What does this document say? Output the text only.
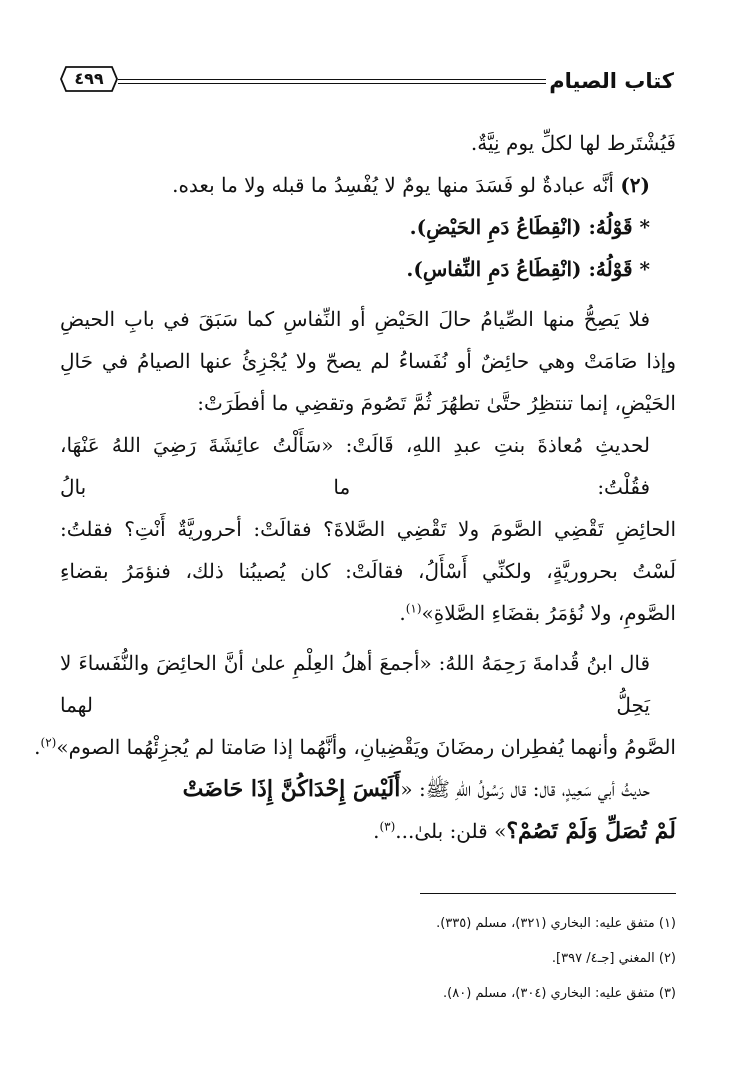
كتاب الصيام
٤٩٩
فَيُشْتَرط لها لكلِّ يوم نِيَّةٌ.
(٢) أنَّه عبادةٌ لو فَسَدَ منها يومٌ لا يُفْسِدُ ما قبله ولا ما بعده.
* قَوْلُهُ: (انْقِطَاعُ دَمِ الحَيْضِ).
* قَوْلُهُ: (انْقِطَاعُ دَمِ النِّفاسِ).
فلا يَصِحُّ منها الصِّيامُ حالَ الحَيْضِ أو النِّفاسِ كما سَبَقَ في بابِ الحيضِ
وإذا صَامَتْ وهي حائِضٌ أو نُفَساءُ لم يصحّ ولا يُجْزِئُ عنها الصيامُ في حَالِ
الحَيْضِ، إنما تنتظِرُ حتَّىٰ تطهُرَ ثُمَّ تَصُومَ وتقضِي ما أفطَرَتْ:
لحديثِ مُعاذةَ بنتِ عبدِ اللهِ، قَالَتْ: «سَأَلْتُ عائِشَةَ رَضِيَ اللهُ عَنْهَا، فقُلْتُ: ما بالُ
الحائِضِ تَقْضِي الصَّومَ ولا تَقْضِي الصَّلاةَ؟ فقالَتْ: أحروريَّةٌ أَنْتِ؟ فقلتُ:
لَسْتُ بحروريَّةٍ، ولكنِّي أَسْأَلُ، فقالَتْ: كان يُصيبُنا ذلك، فنؤمَرُ بقضاءِ
الصَّومِ، ولا نُؤمَرُ بقضَاءِ الصَّلاةِ»$^{(١)}$.
قال ابنُ قُدامةَ رَحِمَهُ اللهُ: «أجمعَ أهلُ العِلْمِ علىٰ أنَّ الحائِضَ والنُّفَساءَ لا يَحِلُّ لهما
الصَّومُ وأنهما يُفطِران رمضَانَ ويَقْضِيانِ، وأنَّهُما إذا صَامتا لم يُجزِئْهُما الصوم»$^{(٢)}$.
حديثُ أبي سَعِيدٍ، قال: قال رَسُولُ اللهِ ﷺ: «أَلَيْسَ إِحْدَاكُنَّ إِذَا حَاضَتْ
لَمْ تُصَلِّ وَلَمْ تَصُمْ؟» قلن: بلىٰ...$^{(٣)}$.
(١) متفق عليه: البخاري (٣٢١)، مسلم (٣٣٥).
(٢) المغني [جـ٤/ ٣٩٧].
(٣) متفق عليه: البخاري (٣٠٤)، مسلم (٨٠).
